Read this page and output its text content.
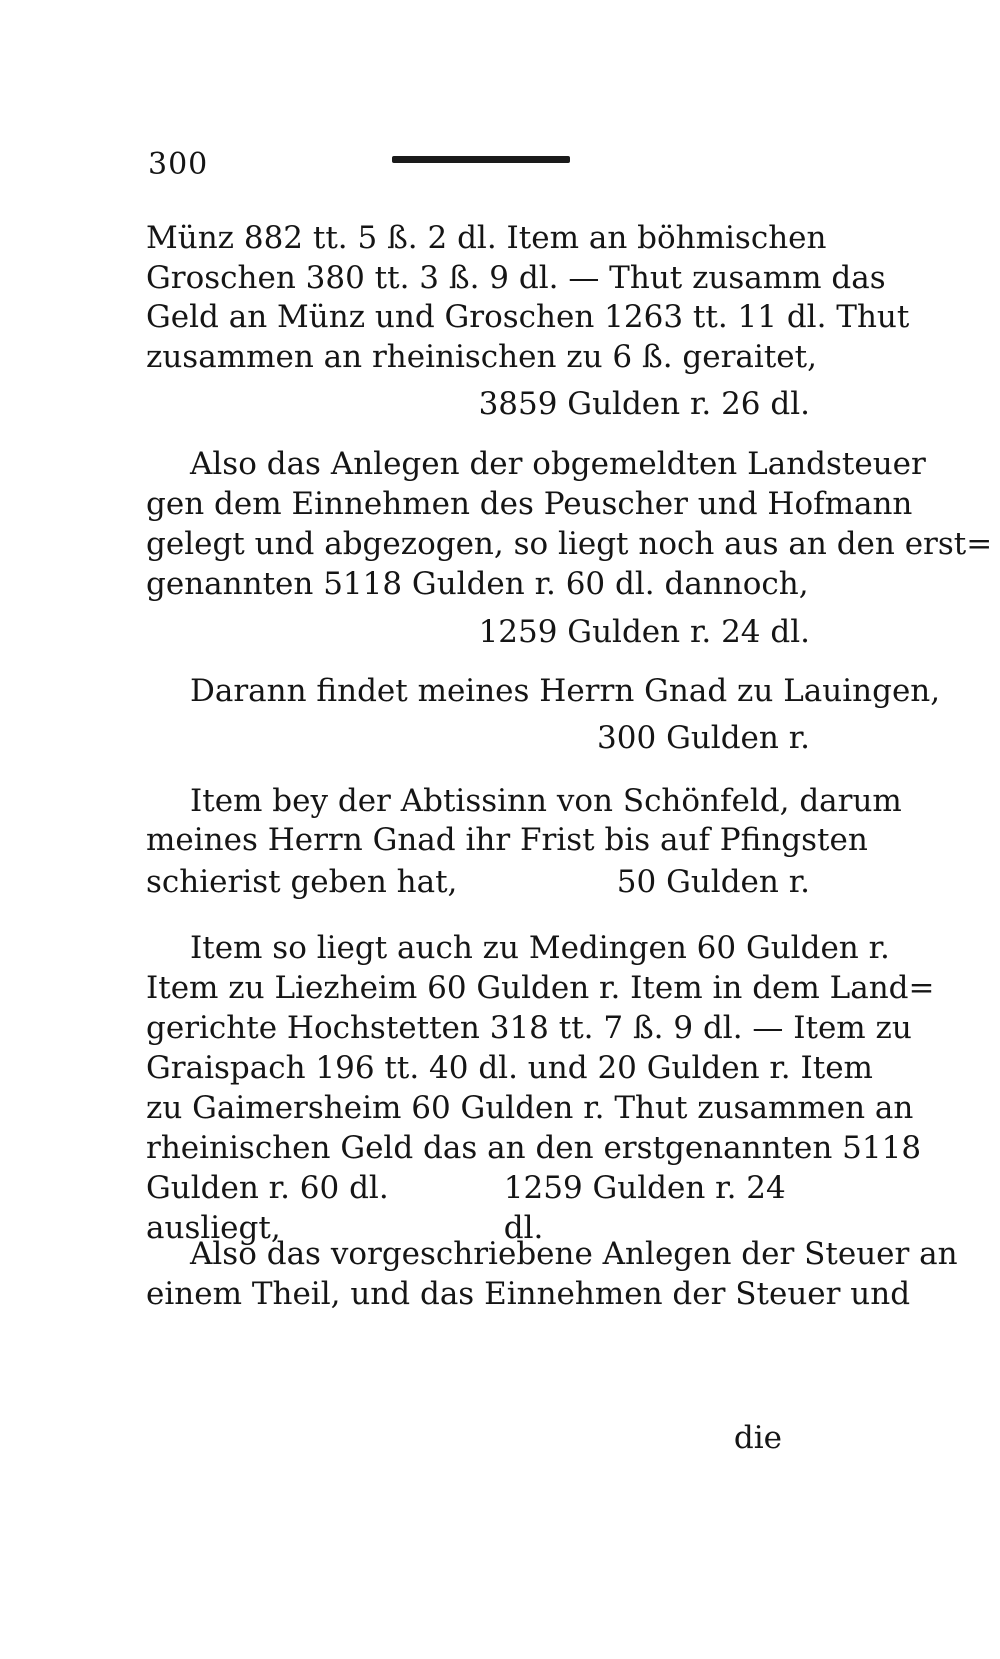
300
Münz 882 tt. 5 ß. 2 dl. Item an böhmischen
Groschen 380 tt. 3 ß. 9 dl. — Thut zusamm das
Geld an Münz und Groschen 1263 tt. 11 dl. Thut
zusammen an rheinischen zu 6 ß. geraitet,
3859 Gulden r. 26 dl.
Also das Anlegen der obgemeldten Landsteuer
gen dem Einnehmen des Peuscher und Hofmann
gelegt und abgezogen, so liegt noch aus an den erst=
genannten 5118 Gulden r. 60 dl. dannoch,
1259 Gulden r. 24 dl.
Darann findet meines Herrn Gnad zu Lauingen,
300 Gulden r.
Item bey der Abtissinn von Schönfeld, darum
meines Herrn Gnad ihr Frist bis auf Pfingsten
schierist geben hat,	50 Gulden r.
Item so liegt auch zu Medingen 60 Gulden r.
Item zu Liezheim 60 Gulden r. Item in dem Land=
gerichte Hochstetten 318 tt. 7 ß. 9 dl. — Item zu
Graispach 196 tt. 40 dl. und 20 Gulden r. Item
zu Gaimersheim 60 Gulden r. Thut zusammen an
rheinischen Geld das an den erstgenannten 5118
Gulden r. 60 dl. ausliegt,
1259 Gulden r. 24 dl.
Also das vorgeschriebene Anlegen der Steuer an
einem Theil, und das Einnehmen der Steuer und
die
